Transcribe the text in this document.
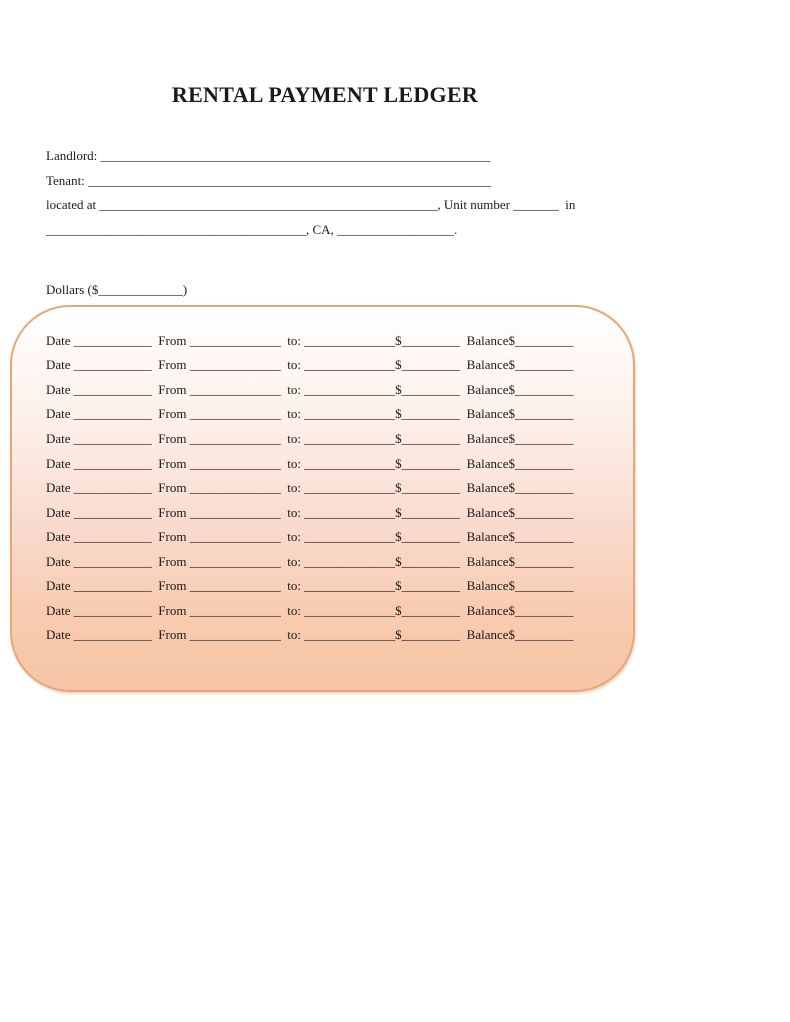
RENTAL PAYMENT LEDGER
Landlord: ____________________________________________________________
Tenant: ______________________________________________________________
located at ____________________________________________________, Unit number _______  in
________________________________________, CA, __________________.
Dollars ($_____________)
Date ____________  From ______________  to: ______________$_________  Balance$_________
Date ____________  From ______________  to: ______________$_________  Balance$_________
Date ____________  From ______________  to: ______________$_________  Balance$_________
Date ____________  From ______________  to: ______________$_________  Balance$_________
Date ____________  From ______________  to: ______________$_________  Balance$_________
Date ____________  From ______________  to: ______________$_________  Balance$_________
Date ____________  From ______________  to: ______________$_________  Balance$_________
Date ____________  From ______________  to: ______________$_________  Balance$_________
Date ____________  From ______________  to: ______________$_________  Balance$_________
Date ____________  From ______________  to: ______________$_________  Balance$_________
Date ____________  From ______________  to: ______________$_________  Balance$_________
Date ____________  From ______________  to: ______________$_________  Balance$_________
Date ____________  From ______________  to: ______________$_________  Balance$_________
